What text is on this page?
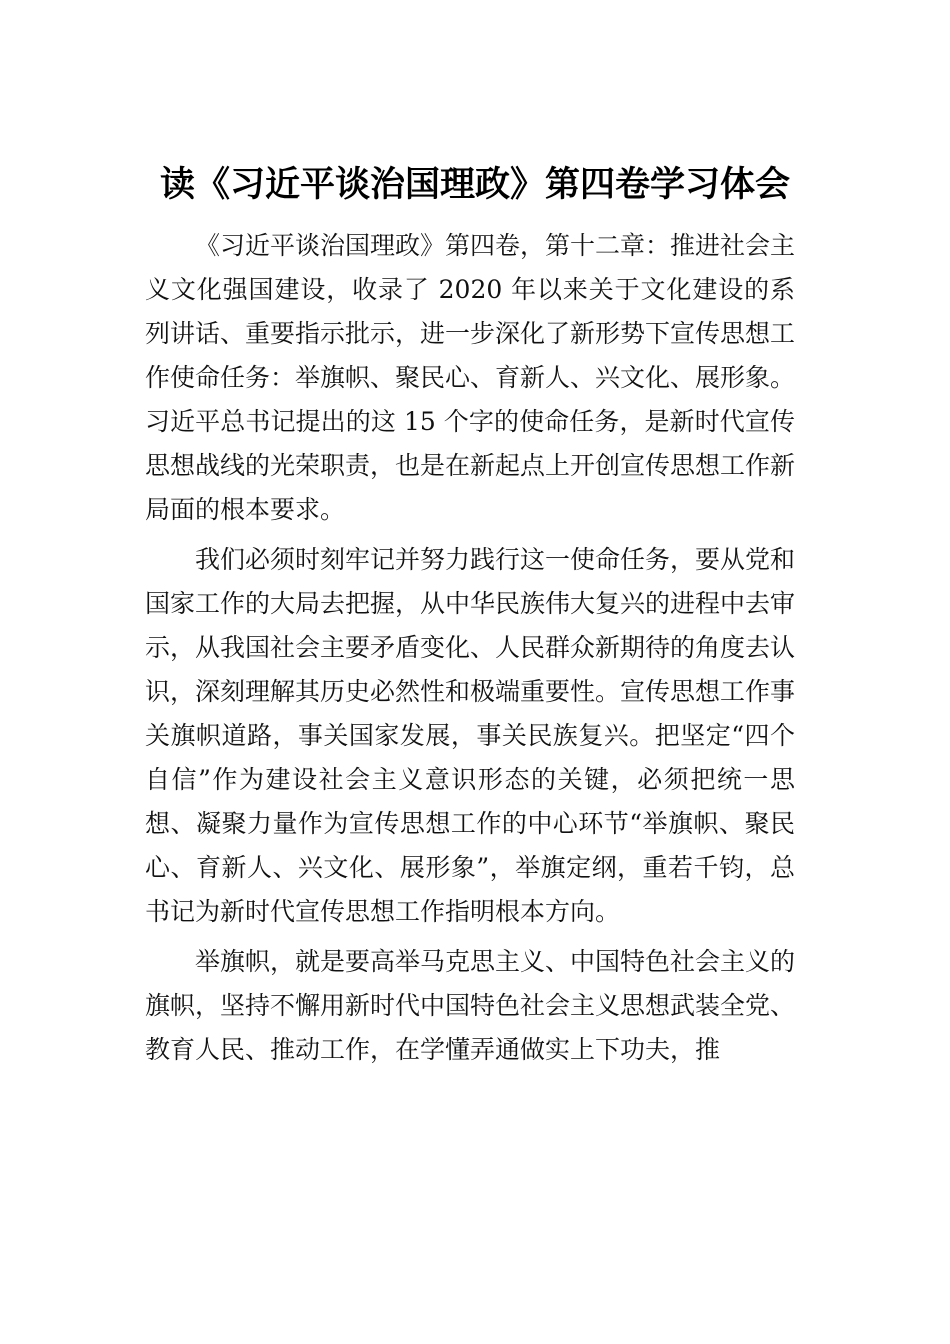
读《习近平谈治国理政》第四卷学习体会

《习近平谈治国理政》第四卷，第十二章：推进社会主义文化强国建设，收录了 2020 年以来关于文化建设的系列讲话、重要指示批示，进一步深化了新形势下宣传思想工作使命任务：举旗帜、聚民心、育新人、兴文化、展形象。习近平总书记提出的这 15 个字的使命任务，是新时代宣传思想战线的光荣职责，也是在新起点上开创宣传思想工作新局面的根本要求。

我们必须时刻牢记并努力践行这一使命任务，要从党和国家工作的大局去把握，从中华民族伟大复兴的进程中去审示，从我国社会主要矛盾变化、人民群众新期待的角度去认识，深刻理解其历史必然性和极端重要性。宣传思想工作事关旗帜道路，事关国家发展，事关民族复兴。把坚定“四个自信”作为建设社会主义意识形态的关键，必须把统一思想、凝聚力量作为宣传思想工作的中心环节“举旗帜、聚民心、育新人、兴文化、展形象”，举旗定纲，重若千钧，总书记为新时代宣传思想工作指明根本方向。

举旗帜，就是要高举马克思主义、中国特色社会主义的旗帜，坚持不懈用新时代中国特色社会主义思想武装全党、教育人民、推动工作，在学懂弄通做实上下功夫，推
